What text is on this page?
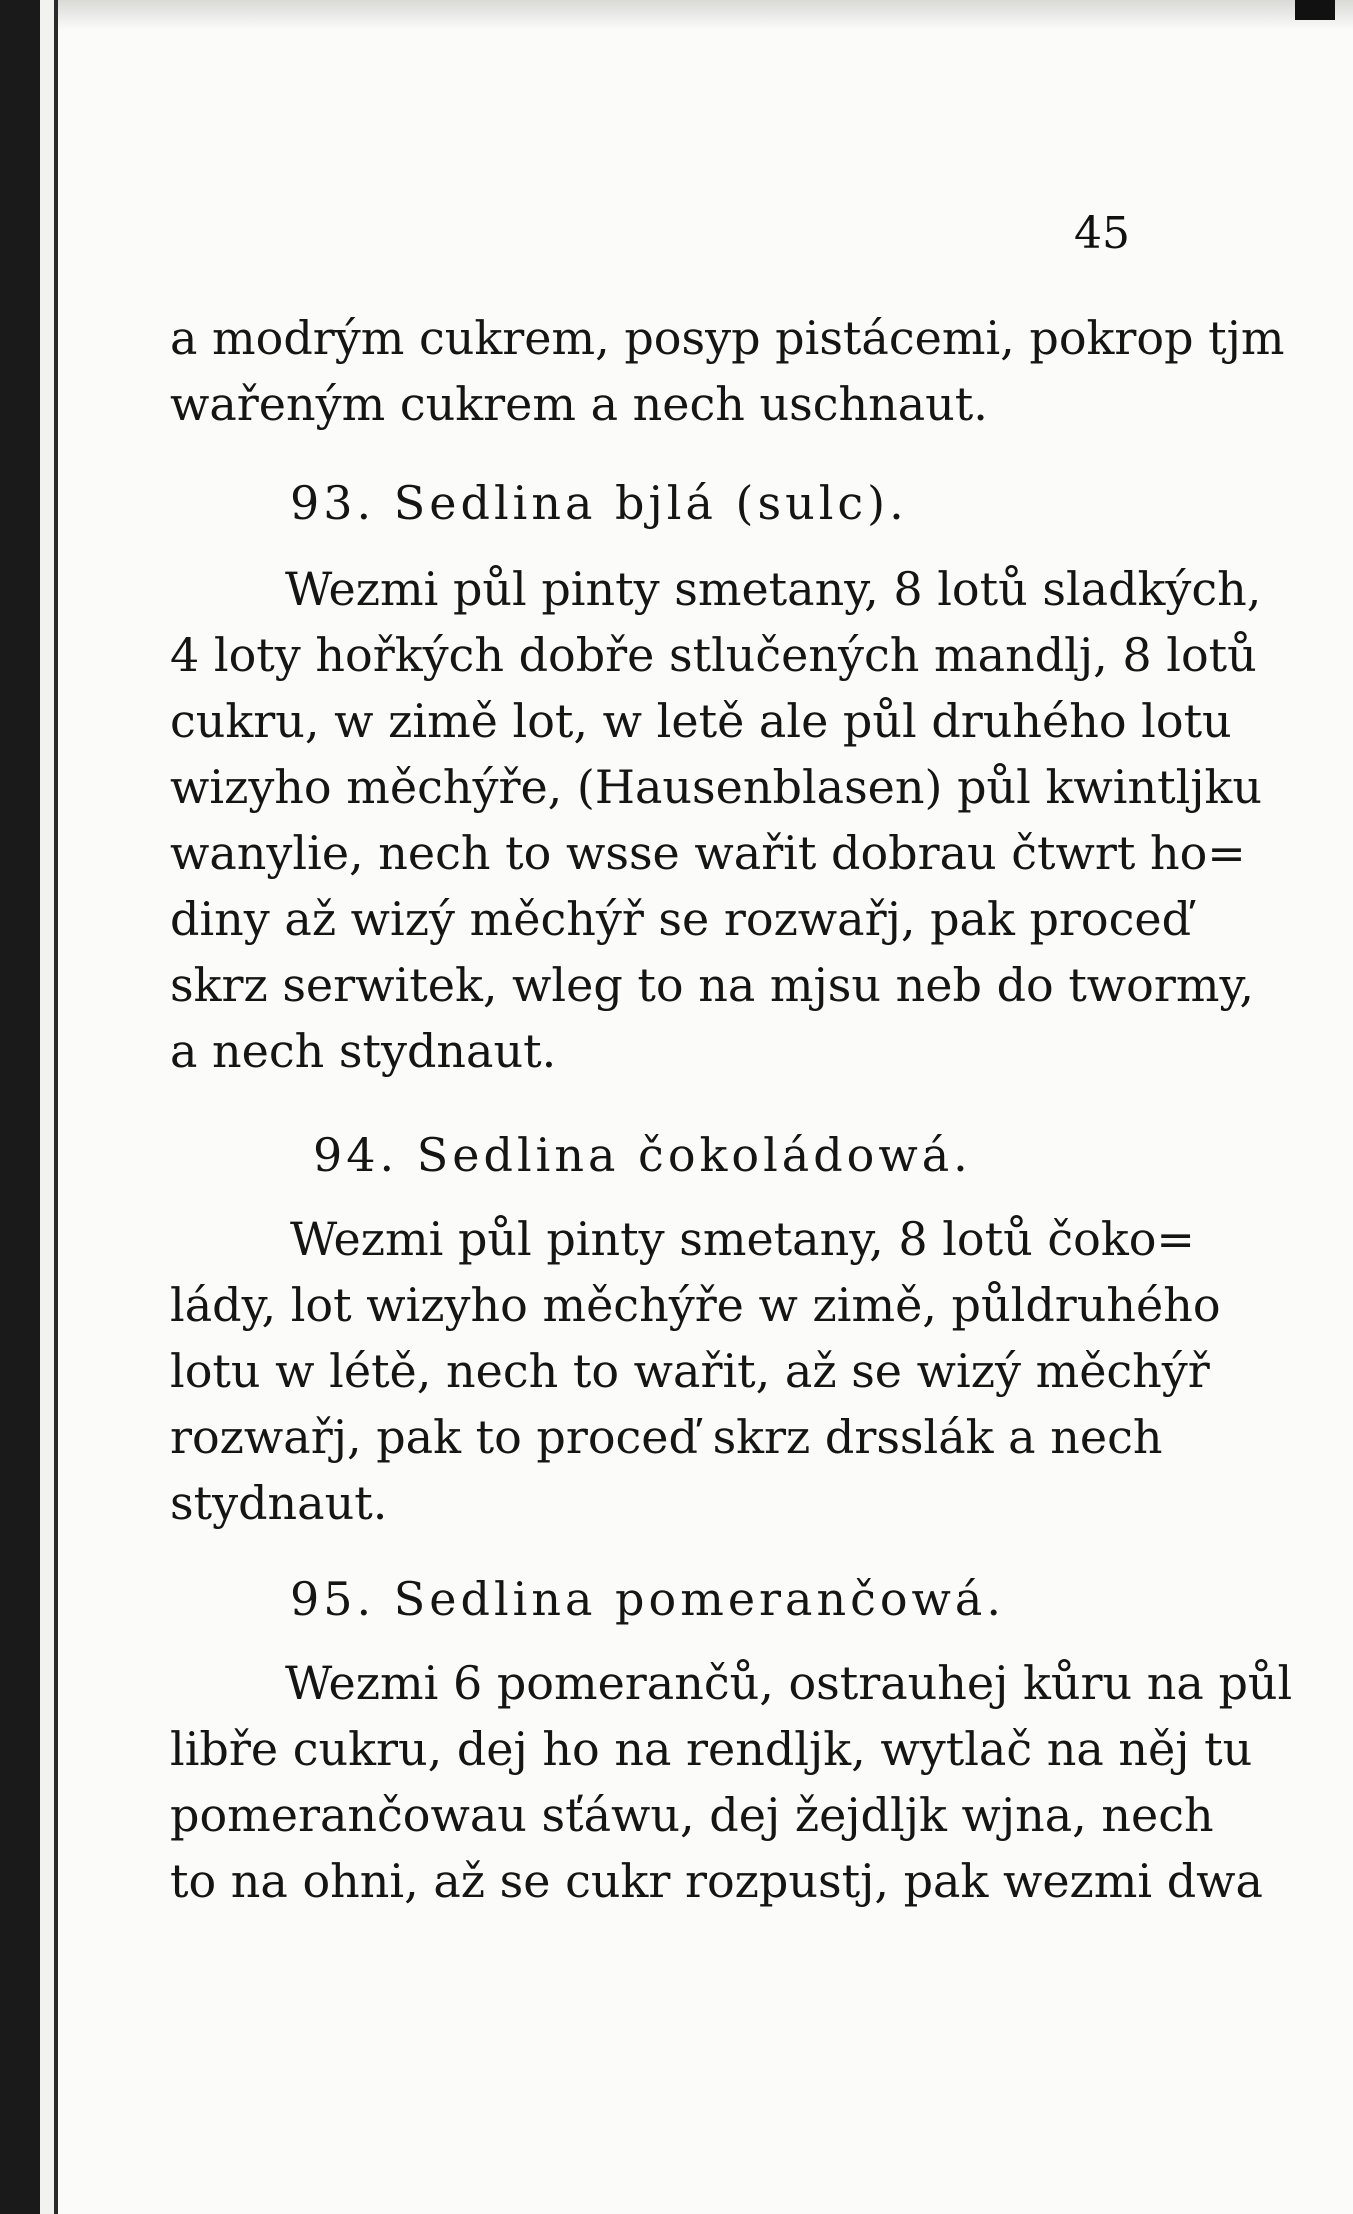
45
a modrým cukrem, posyp pistácemi, pokrop tjm
wařeným cukrem a nech uschnaut.
93. Sedlina bjlá (sulc).
Wezmi půl pinty smetany, 8 lotů sladkých,
4 loty hořkých dobře stlučených mandlj, 8 lotů
cukru, w zimě lot, w letě ale půl druhého lotu
wizyho měchýře, (Hausenblasen) půl kwintljku
wanylie, nech to wsse wařit dobrau čtwrt ho=
diny až wizý měchýř se rozwařj, pak proceď
skrz serwitek, wleg to na mjsu neb do twormy,
a nech stydnaut.
94. Sedlina čokoládowá.
Wezmi půl pinty smetany, 8 lotů čoko=
lády, lot wizyho měchýře w zimě, půldruhého
lotu w létě, nech to wařit, až se wizý měchýř
rozwařj, pak to proceď skrz drsslák a nech
stydnaut.
95. Sedlina pomerančowá.
Wezmi 6 pomerančů, ostrauhej kůru na půl
libře cukru, dej ho na rendljk, wytlač na něj tu
pomerančowau sťáwu, dej žejdljk wjna, nech
to na ohni, až se cukr rozpustj, pak wezmi dwa
